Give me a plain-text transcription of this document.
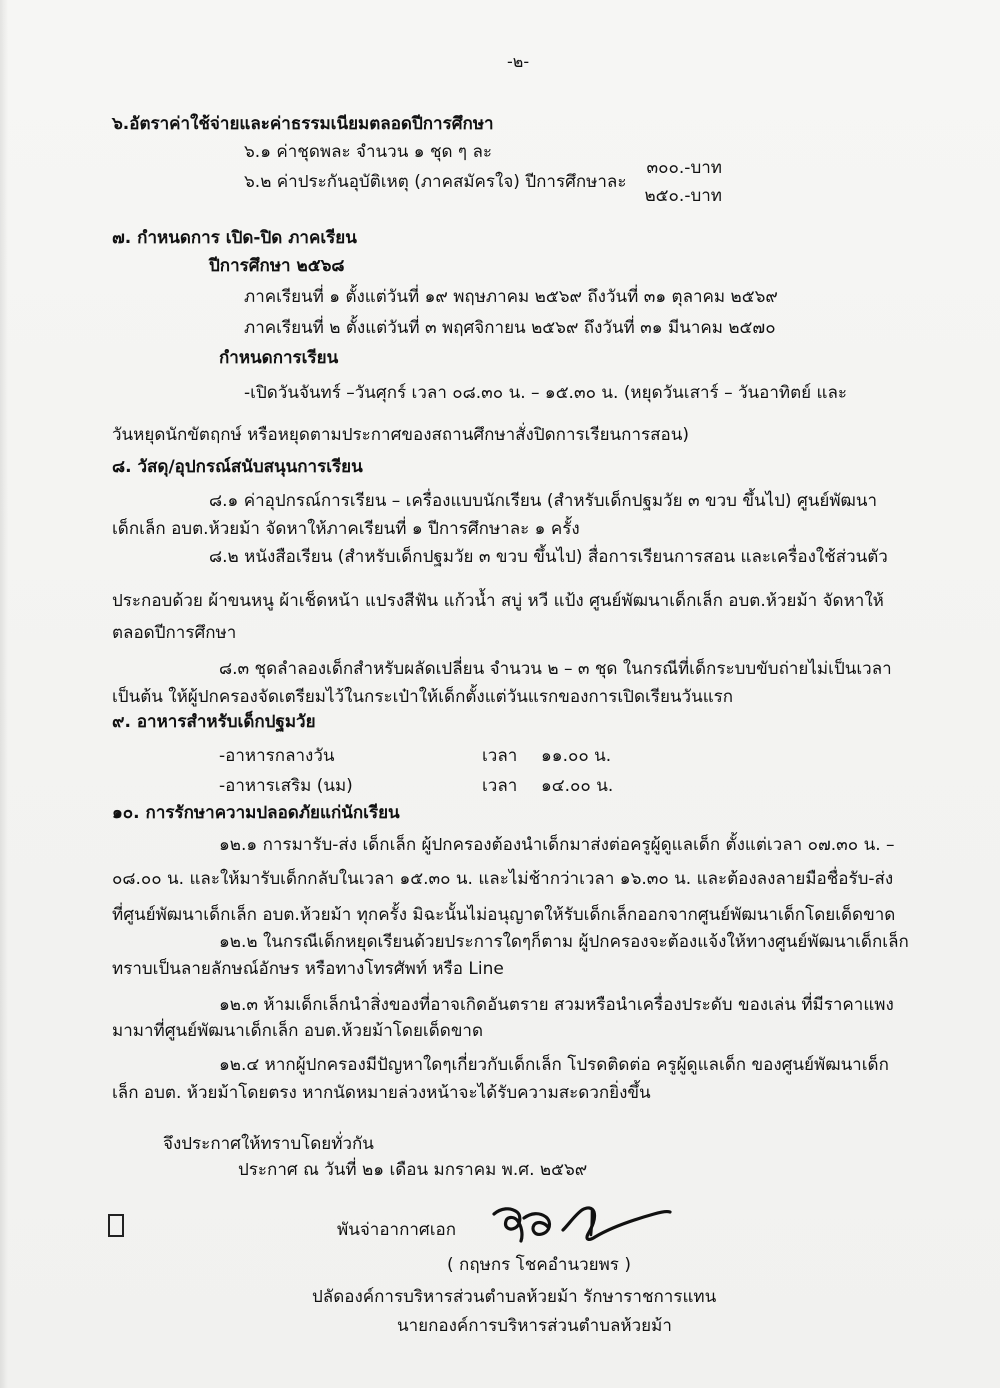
-๒-
๖.อัตราค่าใช้จ่ายและค่าธรรมเนียมตลอดปีการศึกษา
๖.๑ ค่าชุดพละ จำนวน ๑ ชุด ๆ ละ
๓๐๐.-บาท
๖.๒ ค่าประกันอุบัติเหตุ (ภาคสมัครใจ) ปีการศึกษาละ
๒๕๐.-บาท
๗. กำหนดการ เปิด-ปิด ภาคเรียน
ปีการศึกษา ๒๕๖๘
ภาคเรียนที่ ๑ ตั้งแต่วันที่ ๑๙ พฤษภาคม ๒๕๖๙ ถึงวันที่ ๓๑ ตุลาคม ๒๕๖๙
ภาคเรียนที่ ๒ ตั้งแต่วันที่ ๓ พฤศจิกายน ๒๕๖๙ ถึงวันที่ ๓๑ มีนาคม ๒๕๗๐
กำหนดการเรียน
-เปิดวันจันทร์ –วันศุกร์ เวลา ๐๘.๓๐ น. – ๑๕.๓๐ น. (หยุดวันเสาร์ – วันอาทิตย์ และ
วันหยุดนักขัตฤกษ์ หรือหยุดตามประกาศของสถานศึกษาสั่งปิดการเรียนการสอน)
๘. วัสดุ/อุปกรณ์สนับสนุนการเรียน
๘.๑ ค่าอุปกรณ์การเรียน – เครื่องแบบนักเรียน (สำหรับเด็กปฐมวัย ๓ ขวบ ขึ้นไป) ศูนย์พัฒนา
เด็กเล็ก อบต.ห้วยม้า จัดหาให้ภาคเรียนที่ ๑ ปีการศึกษาละ ๑ ครั้ง
๘.๒ หนังสือเรียน (สำหรับเด็กปฐมวัย ๓ ขวบ ขึ้นไป) สื่อการเรียนการสอน และเครื่องใช้ส่วนตัว
ประกอบด้วย ผ้าขนหนู ผ้าเช็ดหน้า แปรงสีฟัน แก้วน้ำ สบู่ หวี แป้ง ศูนย์พัฒนาเด็กเล็ก อบต.ห้วยม้า จัดหาให้
ตลอดปีการศึกษา
๘.๓ ชุดลำลองเด็กสำหรับผลัดเปลี่ยน จำนวน ๒ – ๓ ชุด ในกรณีที่เด็กระบบขับถ่ายไม่เป็นเวลา
เป็นต้น ให้ผู้ปกครองจัดเตรียมไว้ในกระเป๋าให้เด็กตั้งแต่วันแรกของการเปิดเรียนวันแรก
๙. อาหารสำหรับเด็กปฐมวัย
-อาหารกลางวัน	เวลา ๑๑.๐๐ น.
-อาหารเสริม (นม)	เวลา ๑๔.๐๐ น.
๑๐. การรักษาความปลอดภัยแก่นักเรียน
๑๒.๑ การมารับ-ส่ง เด็กเล็ก ผู้ปกครองต้องนำเด็กมาส่งต่อครูผู้ดูแลเด็ก ตั้งแต่เวลา ๐๗.๓๐ น. –
๐๘.๐๐ น. และให้มารับเด็กกลับในเวลา ๑๕.๓๐ น. และไม่ช้ากว่าเวลา ๑๖.๓๐ น. และต้องลงลายมือชื่อรับ-ส่ง
ที่ศูนย์พัฒนาเด็กเล็ก อบต.ห้วยม้า ทุกครั้ง มิฉะนั้นไม่อนุญาตให้รับเด็กเล็กออกจากศูนย์พัฒนาเด็กโดยเด็ดขาด
๑๒.๒ ในกรณีเด็กหยุดเรียนด้วยประการใดๆก็ตาม ผู้ปกครองจะต้องแจ้งให้ทางศูนย์พัฒนาเด็กเล็ก
ทราบเป็นลายลักษณ์อักษร หรือทางโทรศัพท์ หรือ Line
๑๒.๓ ห้ามเด็กเล็กนำสิ่งของที่อาจเกิดอันตราย สวมหรือนำเครื่องประดับ ของเล่น ที่มีราคาแพง
มามาที่ศูนย์พัฒนาเด็กเล็ก อบต.ห้วยม้าโดยเด็ดขาด
๑๒.๔ หากผู้ปกครองมีปัญหาใดๆเกี่ยวกับเด็กเล็ก โปรดติดต่อ ครูผู้ดูแลเด็ก ของศูนย์พัฒนาเด็ก
เล็ก อบต. ห้วยม้าโดยตรง หากนัดหมายล่วงหน้าจะได้รับความสะดวกยิ่งขึ้น
จึงประกาศให้ทราบโดยทั่วกัน
ประกาศ ณ วันที่ ๒๑ เดือน มกราคม พ.ศ. ๒๕๖๙
พันจ่าอากาศเอก
( กฤษกร โชคอำนวยพร )
ปลัดองค์การบริหารส่วนตำบลห้วยม้า รักษาราชการแทน
นายกองค์การบริหารส่วนตำบลห้วยม้า
